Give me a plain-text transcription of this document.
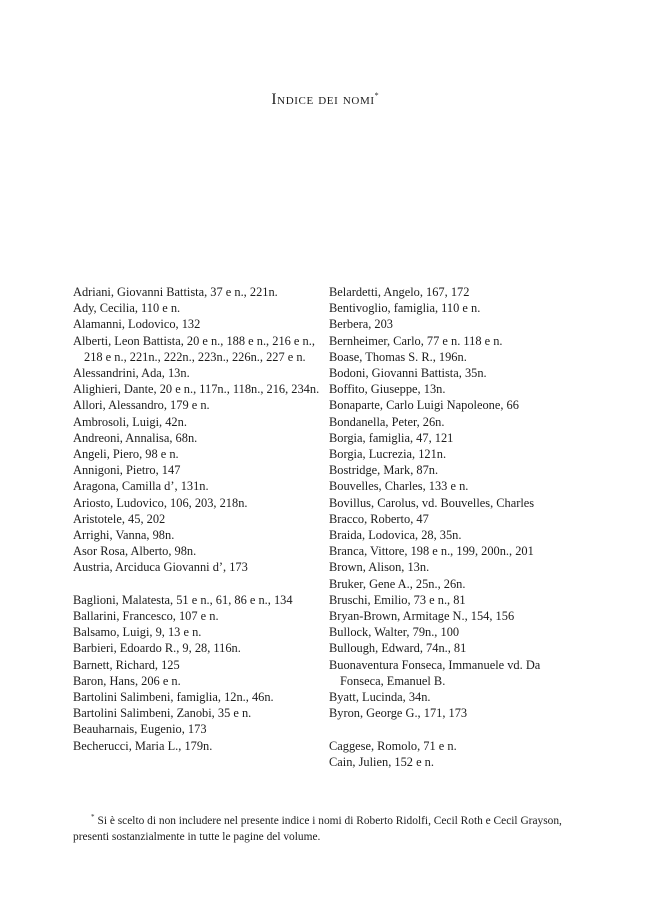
Indice dei nomi*
Adriani, Giovanni Battista, 37 e n., 221n.
Ady, Cecilia, 110 e n.
Alamanni, Lodovico, 132
Alberti, Leon Battista, 20 e n., 188 e n., 216 e n., 218 e n., 221n., 222n., 223n., 226n., 227 e n.
Alessandrini, Ada, 13n.
Alighieri, Dante, 20 e n., 117n., 118n., 216, 234n.
Allori, Alessandro, 179 e n.
Ambrosoli, Luigi, 42n.
Andreoni, Annalisa, 68n.
Angeli, Piero, 98 e n.
Annigoni, Pietro, 147
Aragona, Camilla d’, 131n.
Ariosto, Ludovico, 106, 203, 218n.
Aristotele, 45, 202
Arrighi, Vanna, 98n.
Asor Rosa, Alberto, 98n.
Austria, Arciduca Giovanni d’, 173
Baglioni, Malatesta, 51 e n., 61, 86 e n., 134
Ballarini, Francesco, 107 e n.
Balsamo, Luigi, 9, 13 e n.
Barbieri, Edoardo R., 9, 28, 116n.
Barnett, Richard, 125
Baron, Hans, 206 e n.
Bartolini Salimbeni, famiglia, 12n., 46n.
Bartolini Salimbeni, Zanobi, 35 e n.
Beauharnais, Eugenio, 173
Becherucci, Maria L., 179n.
Belardetti, Angelo, 167, 172
Bentivoglio, famiglia, 110 e n.
Berbera, 203
Bernheimer, Carlo, 77 e n. 118 e n.
Boase, Thomas S. R., 196n.
Bodoni, Giovanni Battista, 35n.
Boffito, Giuseppe, 13n.
Bonaparte, Carlo Luigi Napoleone, 66
Bondanella, Peter, 26n.
Borgia, famiglia, 47, 121
Borgia, Lucrezia, 121n.
Bostridge, Mark, 87n.
Bouvelles, Charles, 133 e n.
Bovillus, Carolus, vd. Bouvelles, Charles
Bracco, Roberto, 47
Braida, Lodovica, 28, 35n.
Branca, Vittore, 198 e n., 199, 200n., 201
Brown, Alison, 13n.
Bruker, Gene A., 25n., 26n.
Bruschi, Emilio, 73 e n., 81
Bryan-Brown, Armitage N., 154, 156
Bullock, Walter, 79n., 100
Bullough, Edward, 74n., 81
Buonaventura Fonseca, Immanuele vd. Da Fonseca, Emanuel B.
Byatt, Lucinda, 34n.
Byron, George G., 171, 173
Caggese, Romolo, 71 e n.
Cain, Julien, 152 e n.
* Si è scelto di non includere nel presente indice i nomi di Roberto Ridolfi, Cecil Roth e Cecil Grayson, presenti sostanzialmente in tutte le pagine del volume.
